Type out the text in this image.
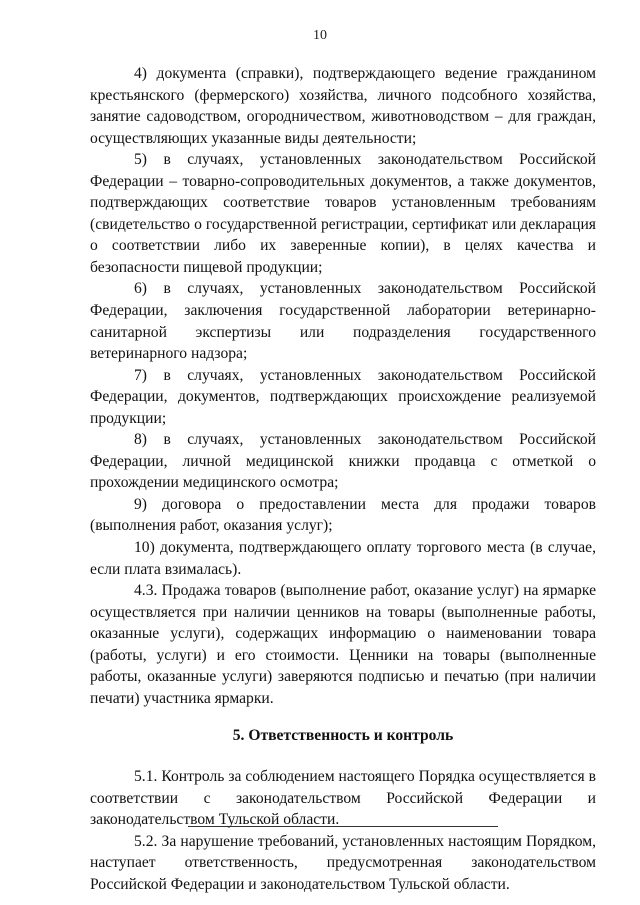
10

4) документа (справки), подтверждающего ведение гражданином крестьянского (фермерского) хозяйства, личного подсобного хозяйства, занятие садоводством, огородничеством, животноводством – для граждан, осуществляющих указанные виды деятельности;

5) в случаях, установленных законодательством Российской Федерации – товарно-сопроводительных документов, а также документов, подтверждающих соответствие товаров установленным требованиям (свидетельство о государственной регистрации, сертификат или декларация о соответствии либо их заверенные копии), в целях качества и безопасности пищевой продукции;

6) в случаях, установленных законодательством Российской Федерации, заключения государственной лаборатории ветеринарно-санитарной экспертизы или подразделения государственного ветеринарного надзора;

7) в случаях, установленных законодательством Российской Федерации, документов, подтверждающих происхождение реализуемой продукции;

8) в случаях, установленных законодательством Российской Федерации, личной медицинской книжки продавца с отметкой о прохождении медицинского осмотра;

9) договора о предоставлении места для продажи товаров (выполнения работ, оказания услуг);

10) документа, подтверждающего оплату торгового места (в случае, если плата взималась).

4.3. Продажа товаров (выполнение работ, оказание услуг) на ярмарке осуществляется при наличии ценников на товары (выполненные работы, оказанные услуги), содержащих информацию о наименовании товара (работы, услуги) и его стоимости. Ценники на товары (выполненные работы, оказанные услуги) заверяются подписью и печатью (при наличии печати) участника ярмарки.

5. Ответственность и контроль

5.1. Контроль за соблюдением настоящего Порядка осуществляется в соответствии с законодательством Российской Федерации и законодательством Тульской области.

5.2. За нарушение требований, установленных настоящим Порядком, наступает ответственность, предусмотренная законодательством Российской Федерации и законодательством Тульской области.
